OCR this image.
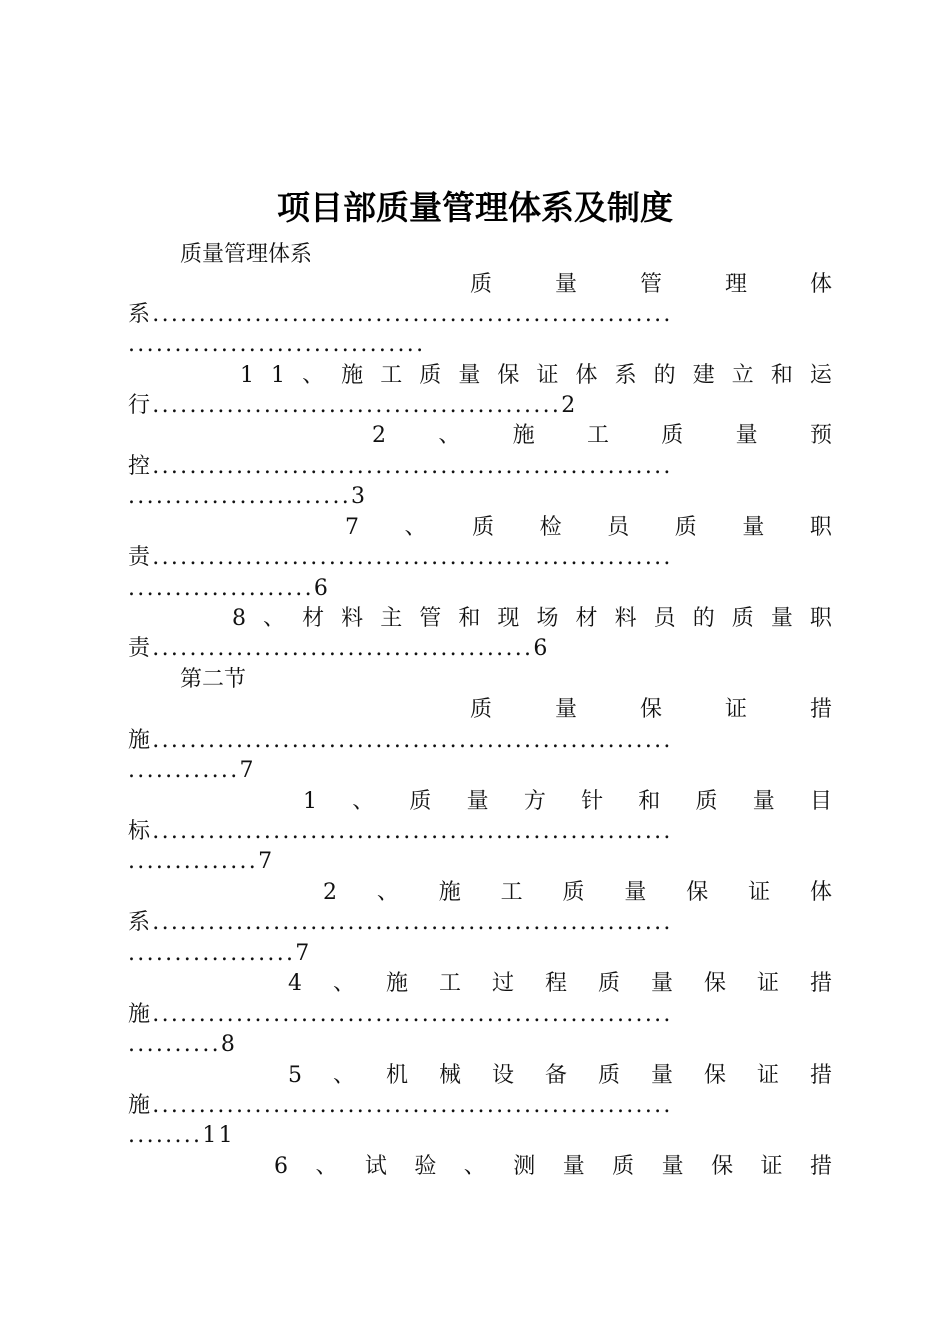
项目部质量管理体系及制度
质量管理体系
质	量	管	理	体
系........................................................
................................
1 1 、 施 工 质 量 保 证 体 系 的 建 立 和 运
行............................................2
2 、 施 工 质 量 预
控........................................................
........................3
7 、 质 检 员 质 量 职
责........................................................
....................6
8 、 材 料 主 管 和 现 场 材 料 员 的 质 量 职
责.........................................6
第二节
质	量	保	证	措
施........................................................
............7
1 、 质 量 方 针 和 质 量 目
标........................................................
..............7
2 、 施 工 质 量 保 证 体
系........................................................
..................7
4 、 施 工 过 程 质 量 保 证 措
施........................................................
..........8
5 、 机 械 设 备 质 量 保 证 措
施........................................................
........11
6 、 试 验 、 测 量 质 量 保 证 措
